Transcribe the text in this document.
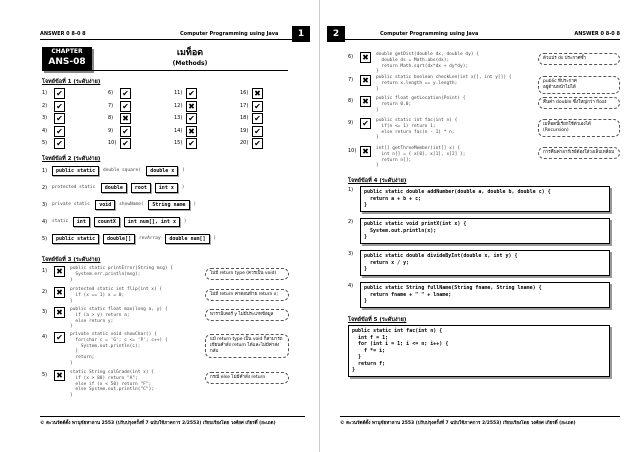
ANSWER 0 8-0 8	Computer Programming using Java	1
CHAPTER
ANS-08
เมท็อด
(Methods)
โจทย์ข้อที่ 1 (ระดับง่าย)
1) ✔
2) ✔
3) ✔
4) ✔
5) ✔
6) ✔
7) ✔
8) ✖
9) ✔
10) ✔
11) ✔
12) ✖
13) ✔
14) ✖
15) ✔
16) ✖
17) ✔
18) ✔
19) ✔
20) ✔
โจทย์ข้อที่ 2 (ระดับง่าย)
1)	public static	double square(	double x	)
2) protected static	double	root	int x	)
3) private static	void	showName(	String name	)
4) static	int	countX	int num[], int x	)
5)	public static	double[]	revArray	double num[]	)
โจทย์ข้อที่ 3 (ระดับง่าย)
1) ✖	public static printError(String msg) {
System.err.println(msg);
}
ไม่มี return type (ควรเป็น void)
2) ✖	protected static int flip(int x) {
if (x == 1) x = 0;
}
ไม่มี return ค่าตอนท้าย return x;
3) ✖	public static float max(long a, y) {
if (a > y) return a;
else return y;
}
พารามิเตอร์ y ไม่มีประเภทข้อมูล
4) ✔	private static void showChar() {
for(char c = 'G'; c <= 'P'; c++) {
System.out.println(c);
}
return;
}
แม้ return type เป็น void ก็สามารถเขียนคำสั่ง return ได้และไม่มีค่าส่งกลับ
5) ✖	static String calGrade(int x) {
if (x > 80) return "A";
else if (x < 50) return "F";
else System.out.println("C");
}
กรณี else ไม่มีคำสั่ง return
© ตะวนรัตต์ตั้ง พานุชัยหาลาน 2553 (ปรับปรุงครั้งที่ 7 ฉบับใช้ภาคการ 2/2553) เรียบเรียงโดย วงศ์ยศ เกียรติ์ (ยะเถต)
Computer Programming using Java	ANSWER 0 8-0 8
2
6) ✖	double getDist(double dx, double dy) {
double ds = Math.abs(dx);
return Math.sqrt(dx*dx + dy*dy);
}
ตัวแปร ds ประกาศซ้ำ
7) ✖	public static boolean checkLen(int x[], int y[]) {
return x.length == y.length;
}
public ที่ประกาศ
อยู่ด้านหน้าไม่ได้
8) ✖	public float getLocation(Point) {
return 0.0;
}
คืนค่า double ซึ่งใหญ่กว่า float
9) ✔	public static int fac(int n) {
if(n <= 1) return 1;
else return fac(n - 1) * n;
}
เมท็อดนี้เรียกใช้ตัวเองได้ (Recursion)
10) ✖	int[] getThreeMember(int[] x) {
int n[] = { x[0], x[1], x[2] };
return n[];
}
การคืนค่าอาร์เรย์ต้องใส่วงเล็บเหลี่ยม
โจทย์ข้อที่ 4 (ระดับง่าย)
1)	public static double addNumber(double a, double b, double c) {
return a + b + c;
}
2)	public static void printX(int x) {
System.out.println(x);
}
3)	public static double divideByInt(double x, int y) {
return x / y;
}
4)	public static String fullName(String fname, String lname) {
return fname + " " + lname;
}
โจทย์ข้อที่ 5 (ระดับง่าย)
public static int fac(int n) {
int f = 1;
for (int i = 1; i <= n; i++) {
f *= i;
}
return f;
}
© ตะวนรัตต์ตั้ง พานุชัยหาลาน 2553 (ปรับปรุงครั้งที่ 7 ฉบับใช้ภาคการ 2/2553) เรียบเรียงโดย วงศ์ยศ เกียรติ์ (ยะเถต)
